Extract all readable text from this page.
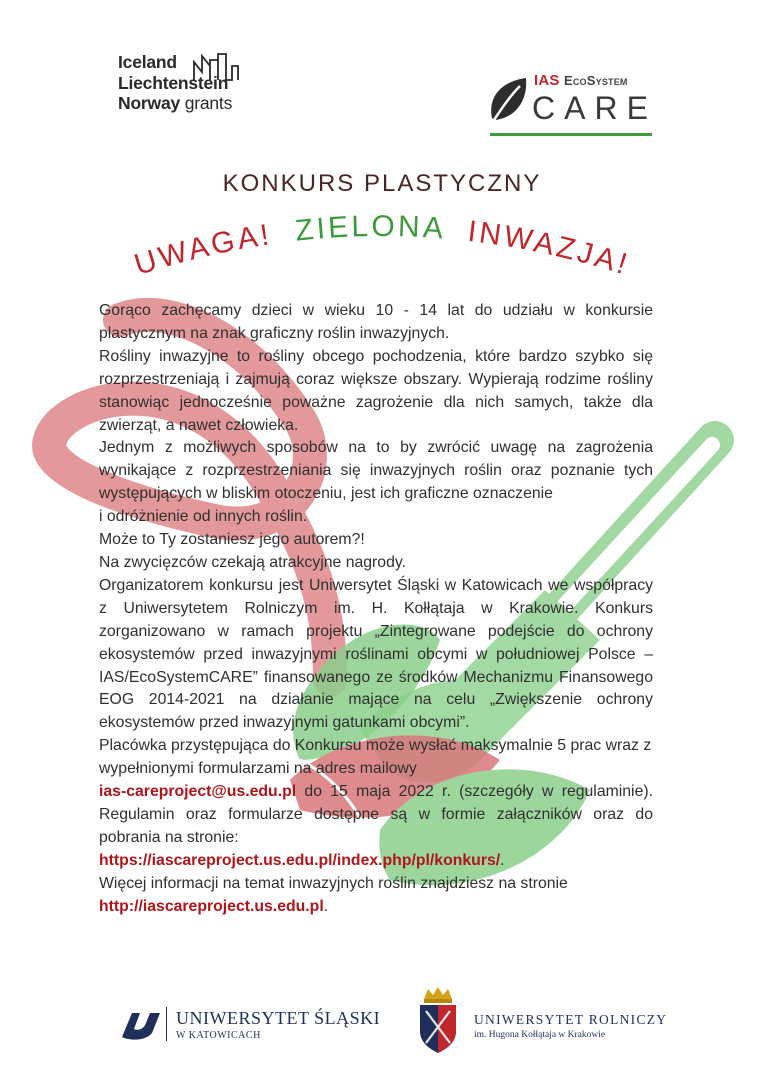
Iceland
Liechtenstein
Norway grants
IAS EcoSystem
CARE
KONKURS PLASTYCZNY
UWAGA! ZIELONA INWAZJA!

Gorąco zachęcamy dzieci w wieku 10 - 14 lat do udziału w konkursie plastycznym na znak graficzny roślin inwazyjnych.

Rośliny inwazyjne to rośliny obcego pochodzenia, które bardzo szybko się rozprzestrzeniają i zajmują coraz większe obszary. Wypierają rodzime rośliny stanowiąc jednocześnie poważne zagrożenie dla nich samych, także dla zwierząt, a nawet człowieka.

Jednym z możliwych sposobów na to by zwrócić uwagę na zagrożenia wynikające z rozprzestrzeniania się inwazyjnych roślin oraz poznanie tych występujących w bliskim otoczeniu, jest ich graficzne oznaczenie

i odróżnienie od innych roślin.

Może to Ty zostaniesz jego autorem?!

Na zwycięzców czekają atrakcyjne nagrody.

Organizatorem konkursu jest Uniwersytet Śląski w Katowicach we współpracy z Uniwersytetem Rolniczym im. H. Kołłątaja w Krakowie. Konkurs zorganizowano w ramach projektu „Zintegrowane podejście do ochrony ekosystemów przed inwazyjnymi roślinami obcymi w południowej Polsce – IAS/EcoSystemCARE” finansowanego ze środków Mechanizmu Finansowego EOG 2014-2021 na działanie mające na celu „Zwiększenie ochrony ekosystemów przed inwazyjnymi gatunkami obcymi”.

Placówka przystępująca do Konkursu może wysłać maksymalnie 5 prac wraz z wypełnionymi formularzami na adres mailowy

ias-careproject@us.edu.pl do 15 maja 2022 r. (szczegóły w regulaminie). Regulamin oraz formularze dostępne są w formie załączników oraz do pobrania na stronie:

https://iascareproject.us.edu.pl/index.php/pl/konkurs/.

Więcej informacji na temat inwazyjnych roślin znajdziesz na stronie

http://iascareproject.us.edu.pl.

UNIWERSYTET ŚLĄSKI
W KATOWICACH
UNIWERSYTET ROLNICZY
im. Hugona Kołłątaja w Krakowie
